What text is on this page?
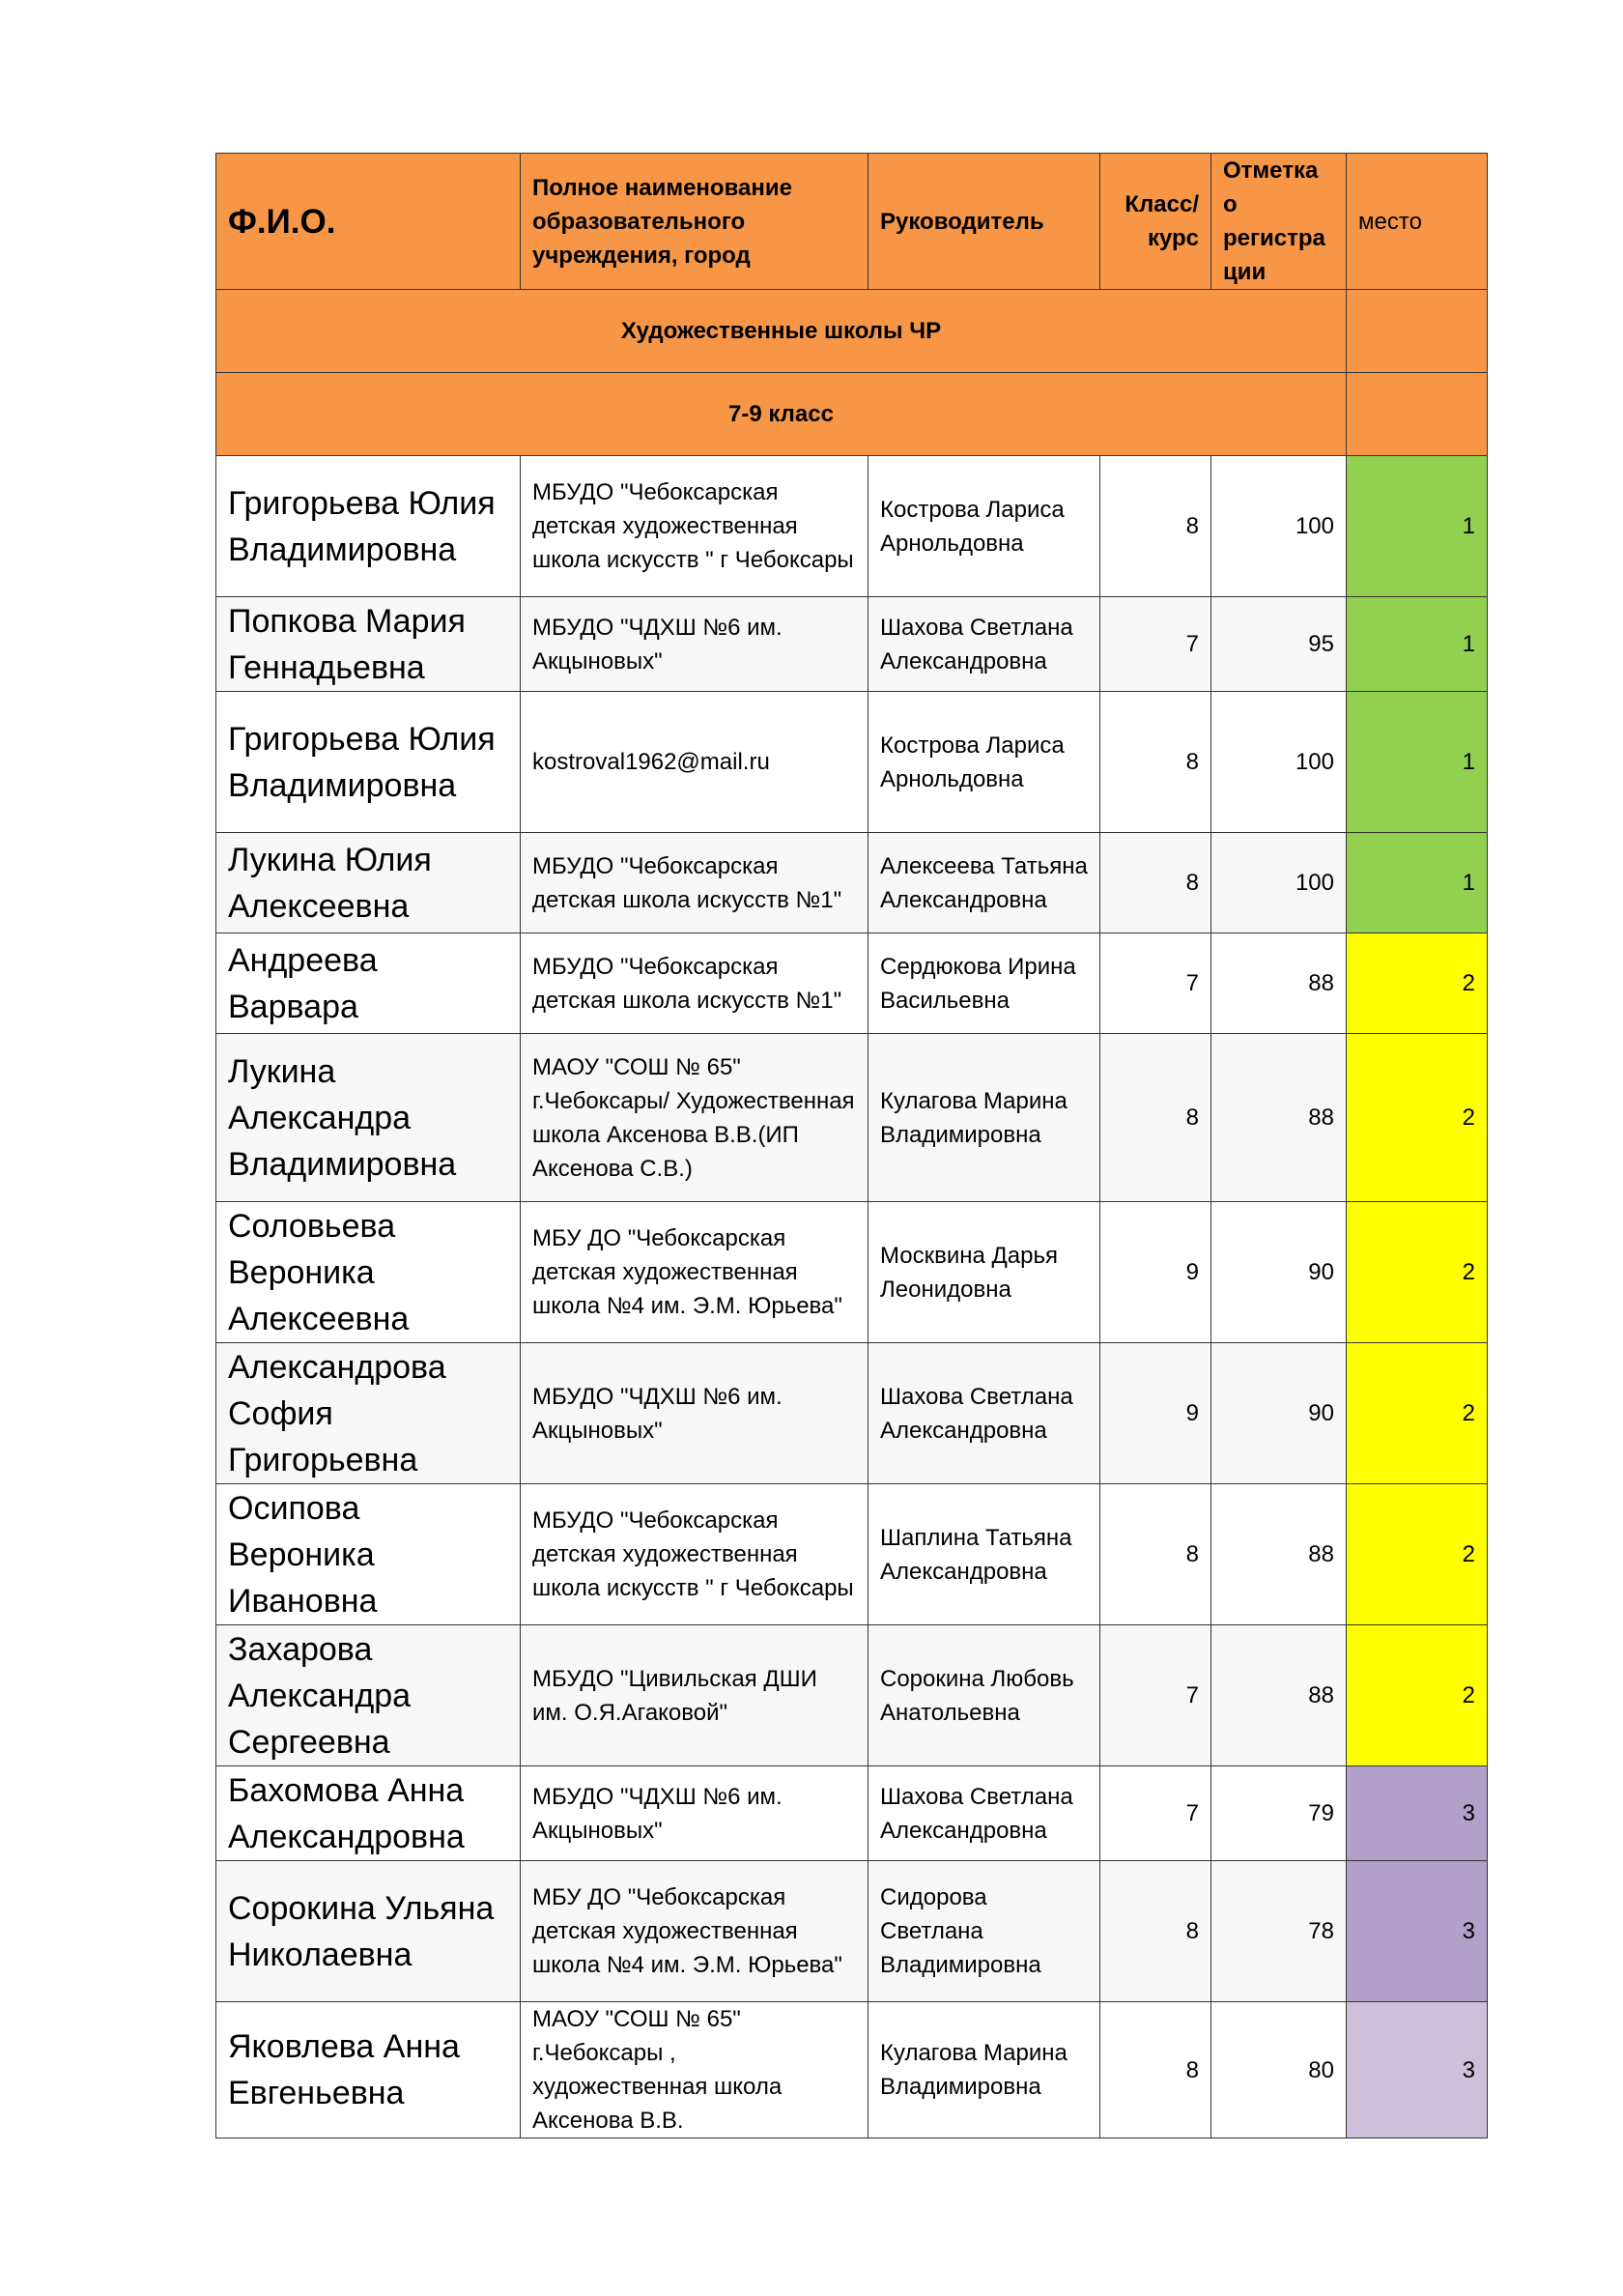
Ф.И.О.	Полное наименование образовательного учреждения, город	Руководитель	Класс/ курс	Отметка о регистра ции	место
Художественные школы ЧР					
7-9 класс					
Григорьева Юлия Владимировна	МБУДО "Чебоксарская детская художественная школа искусств " г Чебоксары	Кострова Лариса Арнольдовна	8	100	1
Попкова Мария Геннадьевна	МБУДО "ЧДХШ №6 им. Акцыновых"	Шахова Светлана Александровна	7	95	1
Григорьева Юлия Владимировна	kostroval1962@mail.ru	Кострова Лариса Арнольдовна	8	100	1
Лукина Юлия Алексеевна	МБУДО "Чебоксарская детская школа искусств №1"	Алексеева Татьяна Александровна	8	100	1
Андреева Варвара	МБУДО "Чебоксарская детская школа искусств №1"	Сердюкова Ирина Васильевна	7	88	2
Лукина Александра Владимировна	МАОУ "СОШ № 65" г.Чебоксары/ Художественная школа Аксенова В.В.(ИП Аксенова С.В.)	Кулагова Марина Владимировна	8	88	2
Соловьева Вероника Алексеевна	МБУ ДО "Чебоксарская детская художественная школа №4 им. Э.М. Юрьева"	Москвина Дарья Леонидовна	9	90	2
Александрова София Григорьевна	МБУДО "ЧДХШ №6 им. Акцыновых"	Шахова Светлана Александровна	9	90	2
Осипова Вероника Ивановна	МБУДО "Чебоксарская детская художественная школа искусств " г Чебоксары	Шаплина Татьяна Александровна	8	88	2
Захарова Александра Сергеевна	МБУДО "Цивильская ДШИ им. О.Я.Агаковой"	Сорокина Любовь Анатольевна	7	88	2
Бахомова Анна Александровна	МБУДО "ЧДХШ №6 им. Акцыновых"	Шахова Светлана Александровна	7	79	3
Сорокина Ульяна Николаевна	МБУ ДО "Чебоксарская детская художественная школа №4 им. Э.М. Юрьева"	Сидорова Светлана Владимировна	8	78	3
Яковлева Анна Евгеньевна	МАОУ "СОШ № 65" г.Чебоксары , художественная школа Аксенова В.В.	Кулагова Марина Владимировна	8	80	3
